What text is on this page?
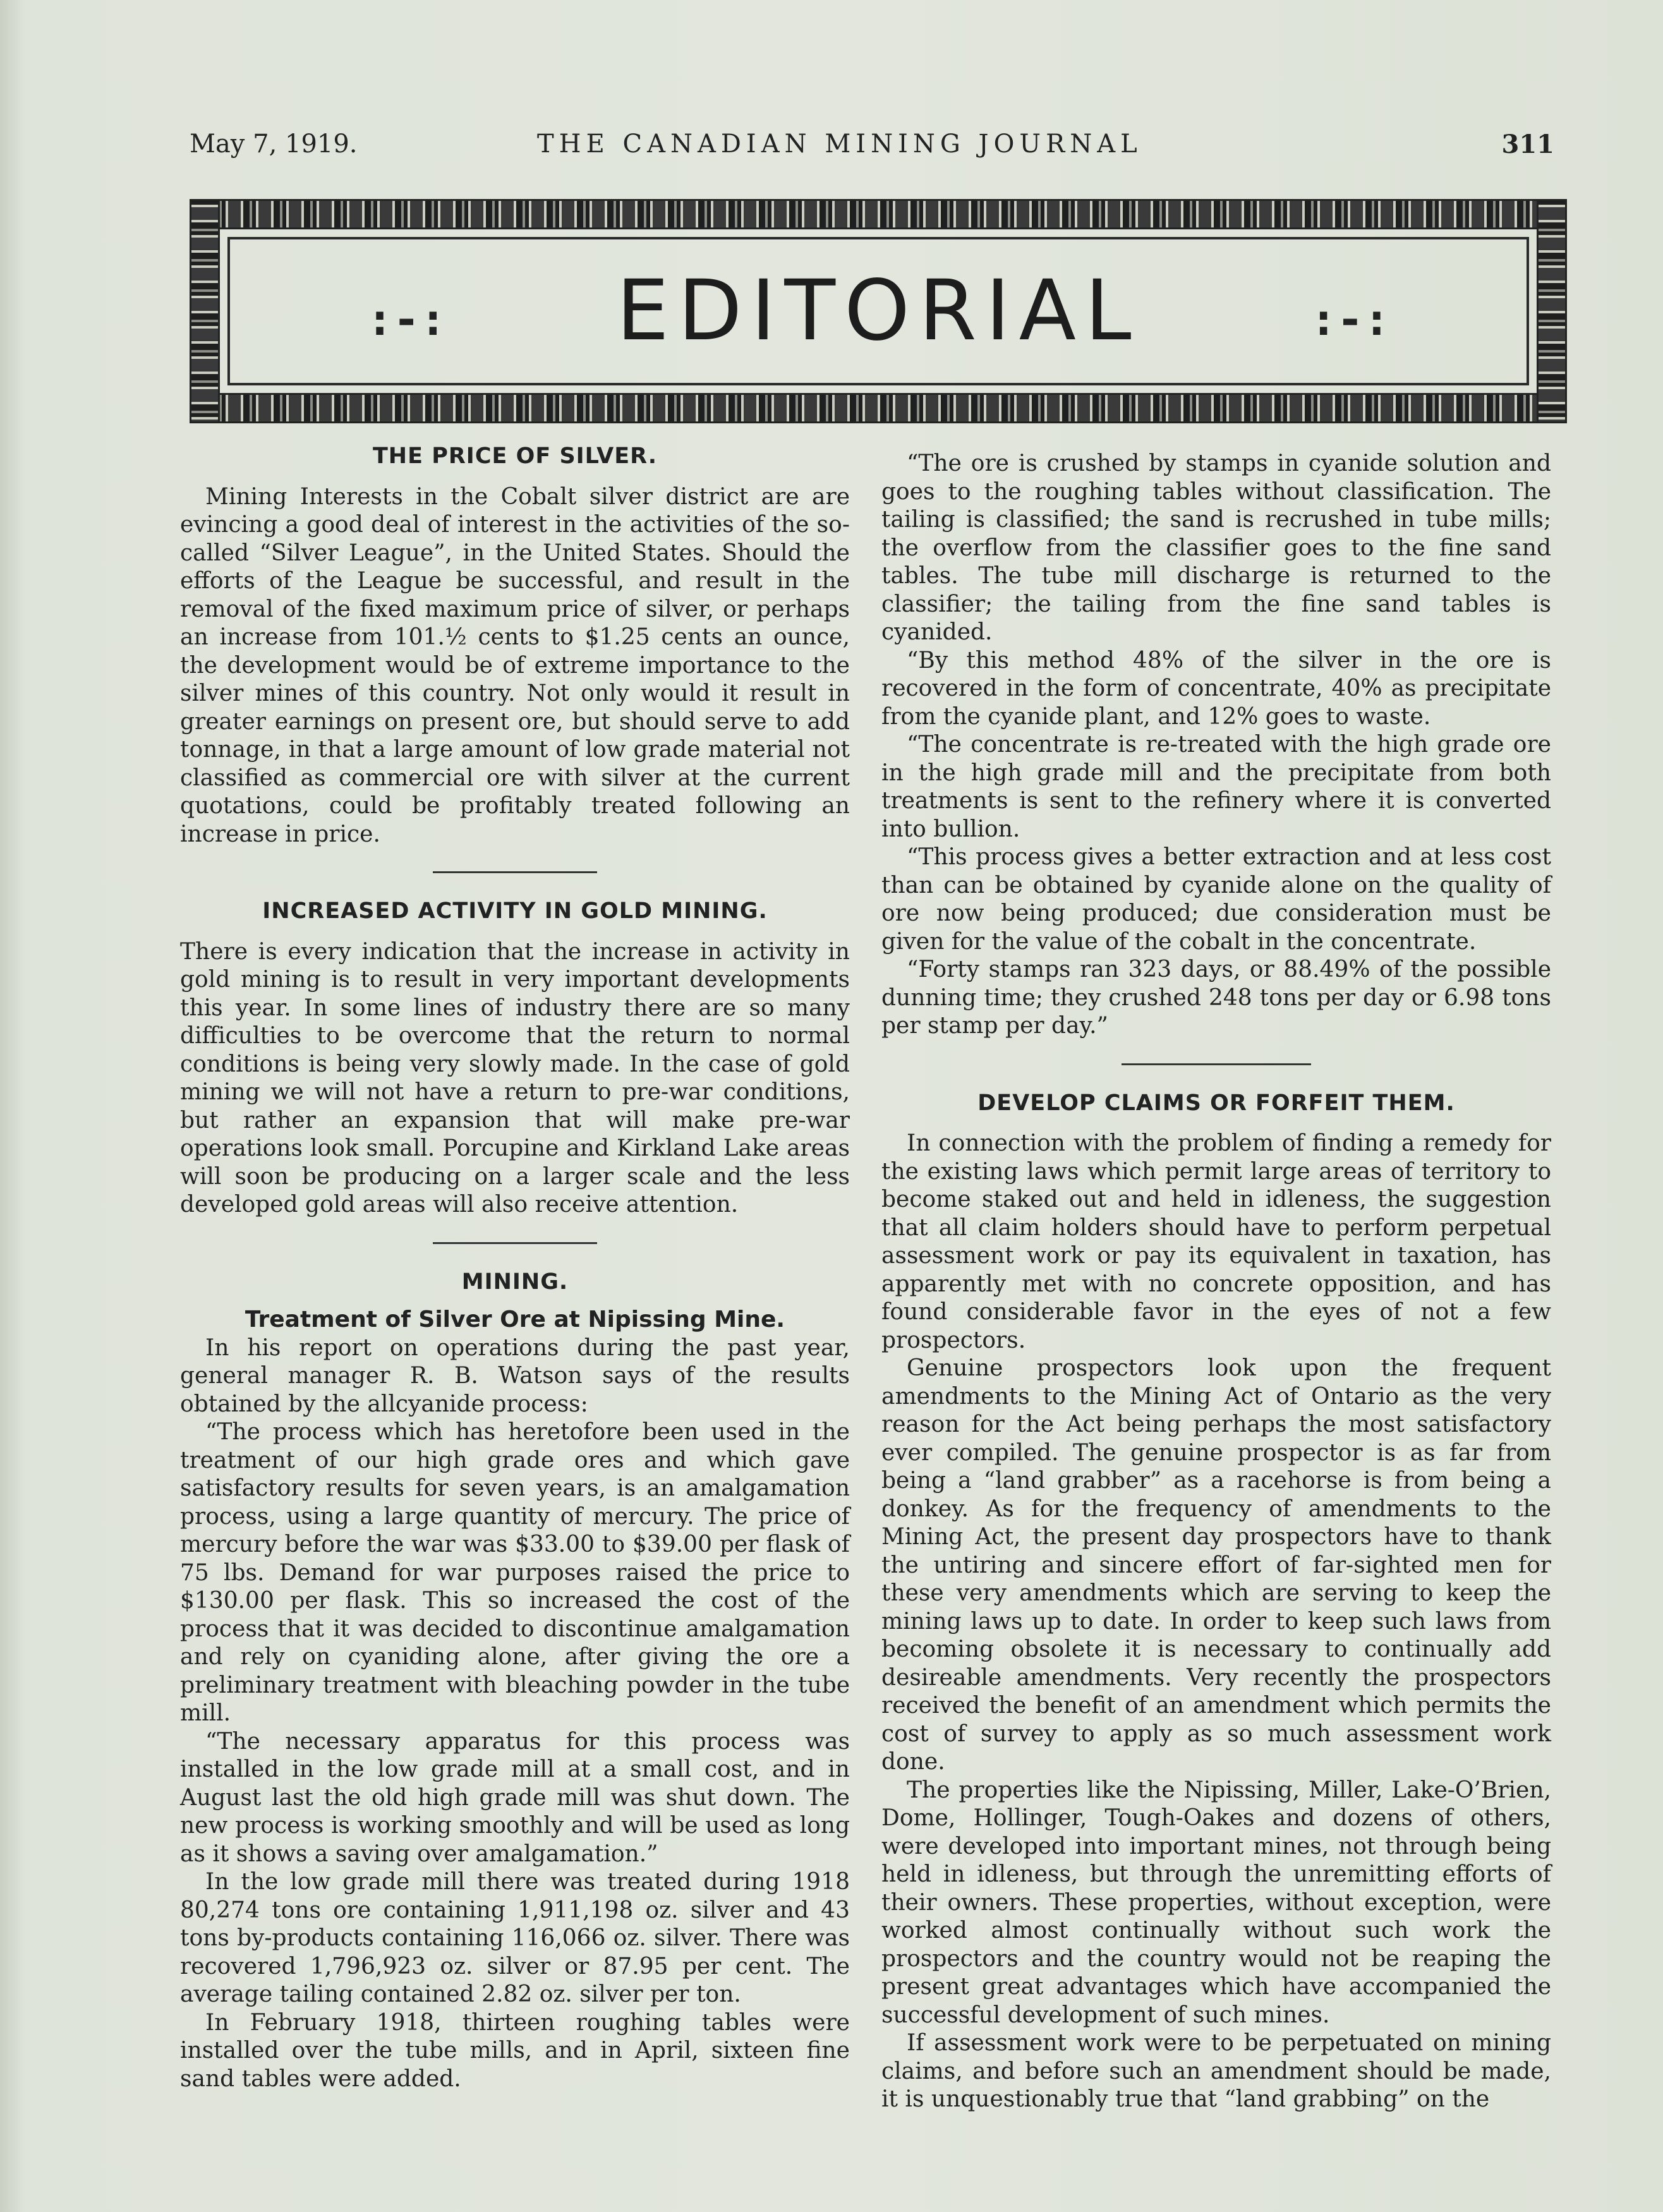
May 7, 1919.	THE CANADIAN MINING JOURNAL	311
:-:	EDITORIAL	:-:
THE PRICE OF SILVER.

Mining Interests in the Cobalt silver district are are evincing a good deal of interest in the activities of the so-called “Silver League”, in the United States. Should the efforts of the League be successful, and result in the removal of the fixed maximum price of silver, or perhaps an increase from 101.½ cents to $1.25 cents an ounce, the development would be of extreme importance to the silver mines of this country. Not only would it result in greater earnings on present ore, but should serve to add tonnage, in that a large amount of low grade material not classified as commercial ore with silver at the current quotations, could be profitably treated following an increase in price.

INCREASED ACTIVITY IN GOLD MINING.

There is every indication that the increase in activity in gold mining is to result in very important developments this year. In some lines of industry there are so many difficulties to be overcome that the return to normal conditions is being very slowly made. In the case of gold mining we will not have a return to pre-war conditions, but rather an expansion that will make pre-war operations look small. Porcupine and Kirkland Lake areas will soon be producing on a larger scale and the less developed gold areas will also receive attention.

MINING.
Treatment of Silver Ore at Nipissing Mine.

In his report on operations during the past year, general manager R. B. Watson says of the results obtained by the allcyanide process:

“The process which has heretofore been used in the treatment of our high grade ores and which gave satisfactory results for seven years, is an amalgamation process, using a large quantity of mercury. The price of mercury before the war was $33.00 to $39.00 per flask of 75 lbs. Demand for war purposes raised the price to $130.00 per flask. This so increased the cost of the process that it was decided to discontinue amalgamation and rely on cyaniding alone, after giving the ore a preliminary treatment with bleaching powder in the tube mill.

“The necessary apparatus for this process was installed in the low grade mill at a small cost, and in August last the old high grade mill was shut down. The new process is working smoothly and will be used as long as it shows a saving over amalgamation.”

In the low grade mill there was treated during 1918 80,274 tons ore containing 1,911,198 oz. silver and 43 tons by-products containing 116,066 oz. silver. There was recovered 1,796,923 oz. silver or 87.95 per cent. The average tailing contained 2.82 oz. silver per ton.

In February 1918, thirteen roughing tables were installed over the tube mills, and in April, sixteen fine sand tables were added.

“The ore is crushed by stamps in cyanide solution and goes to the roughing tables without classification. The tailing is classified; the sand is recrushed in tube mills; the overflow from the classifier goes to the fine sand tables. The tube mill discharge is returned to the classifier; the tailing from the fine sand tables is cyanided.

“By this method 48% of the silver in the ore is recovered in the form of concentrate, 40% as precipitate from the cyanide plant, and 12% goes to waste.

“The concentrate is re-treated with the high grade ore in the high grade mill and the precipitate from both treatments is sent to the refinery where it is converted into bullion.

“This process gives a better extraction and at less cost than can be obtained by cyanide alone on the quality of ore now being produced; due consideration must be given for the value of the cobalt in the concentrate.

“Forty stamps ran 323 days, or 88.49% of the possible dunning time; they crushed 248 tons per day or 6.98 tons per stamp per day.”

DEVELOP CLAIMS OR FORFEIT THEM.

In connection with the problem of finding a remedy for the existing laws which permit large areas of territory to become staked out and held in idleness, the suggestion that all claim holders should have to perform perpetual assessment work or pay its equivalent in taxation, has apparently met with no concrete opposition, and has found considerable favor in the eyes of not a few prospectors.

Genuine prospectors look upon the frequent amendments to the Mining Act of Ontario as the very reason for the Act being perhaps the most satisfactory ever compiled. The genuine prospector is as far from being a “land grabber” as a racehorse is from being a donkey. As for the frequency of amendments to the Mining Act, the present day prospectors have to thank the untiring and sincere effort of far-sighted men for these very amendments which are serving to keep the mining laws up to date. In order to keep such laws from becoming obsolete it is necessary to continually add desireable amendments. Very recently the prospectors received the benefit of an amendment which permits the cost of survey to apply as so much assessment work done.

The properties like the Nipissing, Miller, Lake-O’Brien, Dome, Hollinger, Tough-Oakes and dozens of others, were developed into important mines, not through being held in idleness, but through the unremitting efforts of their owners. These properties, without exception, were worked almost continually without such work the prospectors and the country would not be reaping the present great advantages which have accompanied the successful development of such mines.

If assessment work were to be perpetuated on mining claims, and before such an amendment should be made, it is unquestionably true that “land grabbing” on the
